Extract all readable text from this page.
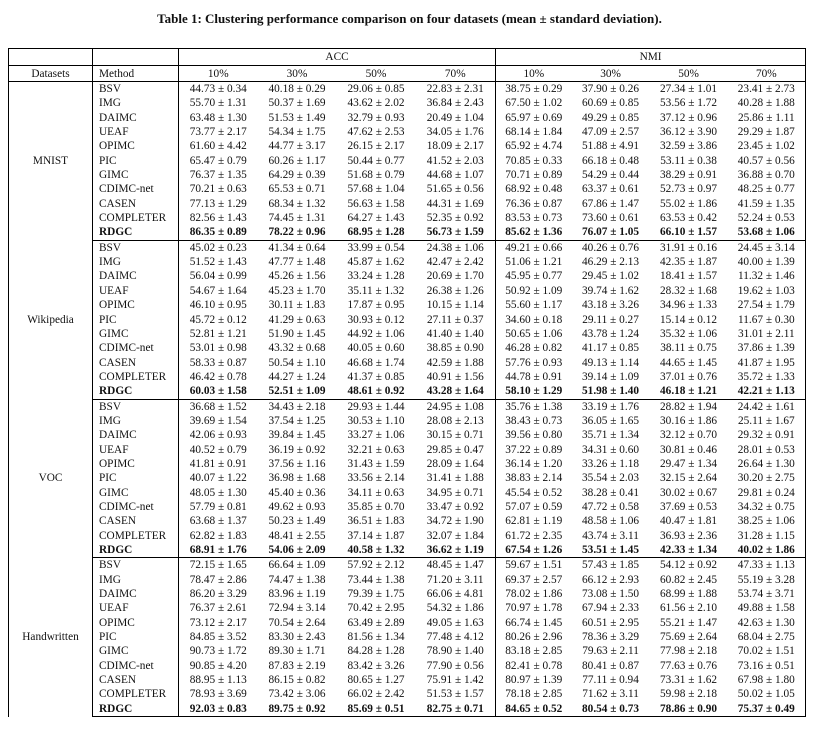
Table 1: Clustering performance comparison on four datasets (mean ± standard deviation).
		ACC				NMI			
Datasets	Method	10%	30%	50%	70%	10%	30%	50%	70%
MNIST	BSV	44.73 ± 0.34	40.18 ± 0.29	29.06 ± 0.85	22.83 ± 2.31	38.75 ± 0.29	37.90 ± 0.26	27.34 ± 1.01	23.41 ± 2.73
	IMG	55.70 ± 1.31	50.37 ± 1.69	43.62 ± 2.02	36.84 ± 2.43	67.50 ± 1.02	60.69 ± 0.85	53.56 ± 1.72	40.28 ± 1.88
	DAIMC	63.48 ± 1.30	51.53 ± 1.49	32.79 ± 0.93	20.49 ± 1.04	65.97 ± 0.69	49.29 ± 0.85	37.12 ± 0.96	25.86 ± 1.11
	UEAF	73.77 ± 2.17	54.34 ± 1.75	47.62 ± 2.53	34.05 ± 1.76	68.14 ± 1.84	47.09 ± 2.57	36.12 ± 3.90	29.29 ± 1.87
	OPIMC	61.60 ± 4.42	44.77 ± 3.17	26.15 ± 2.17	18.09 ± 2.17	65.92 ± 4.74	51.88 ± 4.91	32.59 ± 3.86	23.45 ± 1.02
	PIC	65.47 ± 0.79	60.26 ± 1.17	50.44 ± 0.77	41.52 ± 2.03	70.85 ± 0.33	66.18 ± 0.48	53.11 ± 0.38	40.57 ± 0.56
	GIMC	76.37 ± 1.35	64.29 ± 0.39	51.68 ± 0.79	44.68 ± 1.07	70.71 ± 0.89	54.29 ± 0.44	38.29 ± 0.91	36.88 ± 0.70
	CDIMC-net	70.21 ± 0.63	65.53 ± 0.71	57.68 ± 1.04	51.65 ± 0.56	68.92 ± 0.48	63.37 ± 0.61	52.73 ± 0.97	48.25 ± 0.77
	CASEN	77.13 ± 1.29	68.34 ± 1.32	56.63 ± 1.58	44.31 ± 1.69	76.36 ± 0.87	67.86 ± 1.47	55.02 ± 1.86	41.59 ± 1.35
	COMPLETER	82.56 ± 1.43	74.45 ± 1.31	64.27 ± 1.43	52.35 ± 0.92	83.53 ± 0.73	73.60 ± 0.61	63.53 ± 0.42	52.24 ± 0.53
	RDGC	86.35 ± 0.89	78.22 ± 0.96	68.95 ± 1.28	56.73 ± 1.59	85.62 ± 1.36	76.07 ± 1.05	66.10 ± 1.57	53.68 ± 1.06
Wikipedia	BSV	45.02 ± 0.23	41.34 ± 0.64	33.99 ± 0.54	24.38 ± 1.06	49.21 ± 0.66	40.26 ± 0.76	31.91 ± 0.16	24.45 ± 3.14
	IMG	51.52 ± 1.43	47.77 ± 1.48	45.87 ± 1.62	42.47 ± 2.42	51.06 ± 1.21	46.29 ± 2.13	42.35 ± 1.87	40.00 ± 1.39
	DAIMC	56.04 ± 0.99	45.26 ± 1.56	33.24 ± 1.28	20.69 ± 1.70	45.95 ± 0.77	29.45 ± 1.02	18.41 ± 1.57	11.32 ± 1.46
	UEAF	54.67 ± 1.64	45.23 ± 1.70	35.11 ± 1.32	26.38 ± 1.26	50.92 ± 1.09	39.74 ± 1.62	28.32 ± 1.68	19.62 ± 1.03
	OPIMC	46.10 ± 0.95	30.11 ± 1.83	17.87 ± 0.95	10.15 ± 1.14	55.60 ± 1.17	43.18 ± 3.26	34.96 ± 1.33	27.54 ± 1.79
	PIC	45.72 ± 0.12	41.29 ± 0.63	30.93 ± 0.12	27.11 ± 0.37	34.60 ± 0.18	29.11 ± 0.27	15.14 ± 0.12	11.67 ± 0.30
	GIMC	52.81 ± 1.21	51.90 ± 1.45	44.92 ± 1.06	41.40 ± 1.40	50.65 ± 1.06	43.78 ± 1.24	35.32 ± 1.06	31.01 ± 2.11
	CDIMC-net	53.01 ± 0.98	43.32 ± 0.68	40.05 ± 0.60	38.85 ± 0.90	46.28 ± 0.82	41.17 ± 0.85	38.11 ± 0.75	37.86 ± 1.39
	CASEN	58.33 ± 0.87	50.54 ± 1.10	46.68 ± 1.74	42.59 ± 1.88	57.76 ± 0.93	49.13 ± 1.14	44.65 ± 1.45	41.87 ± 1.95
	COMPLETER	46.42 ± 0.78	44.27 ± 1.24	41.37 ± 0.85	40.91 ± 1.56	44.78 ± 0.91	39.14 ± 1.09	37.01 ± 0.76	35.72 ± 1.33
	RDGC	60.03 ± 1.58	52.51 ± 1.09	48.61 ± 0.92	43.28 ± 1.64	58.10 ± 1.29	51.98 ± 1.40	46.18 ± 1.21	42.21 ± 1.13
VOC	BSV	36.68 ± 1.52	34.43 ± 2.18	29.93 ± 1.44	24.95 ± 1.08	35.76 ± 1.38	33.19 ± 1.76	28.82 ± 1.94	24.42 ± 1.61
	IMG	39.69 ± 1.54	37.54 ± 1.25	30.53 ± 1.10	28.08 ± 2.13	38.43 ± 0.73	36.05 ± 1.65	30.16 ± 1.86	25.11 ± 1.67
	DAIMC	42.06 ± 0.93	39.84 ± 1.45	33.27 ± 1.06	30.15 ± 0.71	39.56 ± 0.80	35.71 ± 1.34	32.12 ± 0.70	29.32 ± 0.91
	UEAF	40.52 ± 0.79	36.19 ± 0.92	32.21 ± 0.63	29.85 ± 0.47	37.22 ± 0.89	34.31 ± 0.60	30.81 ± 0.46	28.01 ± 0.53
	OPIMC	41.81 ± 0.91	37.56 ± 1.16	31.43 ± 1.59	28.09 ± 1.64	36.14 ± 1.20	33.26 ± 1.18	29.47 ± 1.34	26.64 ± 1.30
	PIC	40.07 ± 1.22	36.98 ± 1.68	33.56 ± 2.14	31.41 ± 1.88	38.83 ± 2.14	35.54 ± 2.03	32.15 ± 2.64	30.20 ± 2.75
	GIMC	48.05 ± 1.30	45.40 ± 0.36	34.11 ± 0.63	34.95 ± 0.71	45.54 ± 0.52	38.28 ± 0.41	30.02 ± 0.67	29.81 ± 0.24
	CDIMC-net	57.79 ± 0.81	49.62 ± 0.93	35.85 ± 0.70	33.47 ± 0.92	57.07 ± 0.59	47.72 ± 0.58	37.69 ± 0.53	34.32 ± 0.75
	CASEN	63.68 ± 1.37	50.23 ± 1.49	36.51 ± 1.83	34.72 ± 1.90	62.81 ± 1.19	48.58 ± 1.06	40.47 ± 1.81	38.25 ± 1.06
	COMPLETER	62.82 ± 1.83	48.41 ± 2.55	37.14 ± 1.87	32.07 ± 1.84	61.72 ± 2.35	43.74 ± 3.11	36.93 ± 2.36	31.28 ± 1.15
	RDGC	68.91 ± 1.76	54.06 ± 2.09	40.58 ± 1.32	36.62 ± 1.19	67.54 ± 1.26	53.51 ± 1.45	42.33 ± 1.34	40.02 ± 1.86
Handwritten	BSV	72.15 ± 1.65	66.64 ± 1.09	57.92 ± 2.12	48.45 ± 1.47	59.67 ± 1.51	57.43 ± 1.85	54.12 ± 0.92	47.33 ± 1.13
	IMG	78.47 ± 2.86	74.47 ± 1.38	73.44 ± 1.38	71.20 ± 3.11	69.37 ± 2.57	66.12 ± 2.93	60.82 ± 2.45	55.19 ± 3.28
	DAIMC	86.20 ± 3.29	83.96 ± 1.19	79.39 ± 1.75	66.06 ± 4.81	78.02 ± 1.86	73.08 ± 1.50	68.99 ± 1.88	53.74 ± 3.71
	UEAF	76.37 ± 2.61	72.94 ± 3.14	70.42 ± 2.95	54.32 ± 1.86	70.97 ± 1.78	67.94 ± 2.33	61.56 ± 2.10	49.88 ± 1.58
	OPIMC	73.12 ± 2.17	70.54 ± 2.64	63.49 ± 2.89	49.05 ± 1.63	66.74 ± 1.45	60.51 ± 2.95	55.21 ± 1.47	42.63 ± 1.30
	PIC	84.85 ± 3.52	83.30 ± 2.43	81.56 ± 1.34	77.48 ± 4.12	80.26 ± 2.96	78.36 ± 3.29	75.69 ± 2.64	68.04 ± 2.75
	GIMC	90.73 ± 1.72	89.30 ± 1.71	84.28 ± 1.28	78.90 ± 1.40	83.18 ± 2.85	79.63 ± 2.11	77.98 ± 2.18	70.02 ± 1.51
	CDIMC-net	90.85 ± 4.20	87.83 ± 2.19	83.42 ± 3.26	77.90 ± 0.56	82.41 ± 0.78	80.41 ± 0.87	77.63 ± 0.76	73.16 ± 0.51
	CASEN	88.95 ± 1.13	86.15 ± 0.82	80.65 ± 1.27	75.91 ± 1.42	80.97 ± 1.39	77.11 ± 0.94	73.31 ± 1.62	67.98 ± 1.80
	COMPLETER	78.93 ± 3.69	73.42 ± 3.06	66.02 ± 2.42	51.53 ± 1.57	78.18 ± 2.85	71.62 ± 3.11	59.98 ± 2.18	50.02 ± 1.05
	RDGC	92.03 ± 0.83	89.75 ± 0.92	85.69 ± 0.51	82.75 ± 0.71	84.65 ± 0.52	80.54 ± 0.73	78.86 ± 0.90	75.37 ± 0.49
